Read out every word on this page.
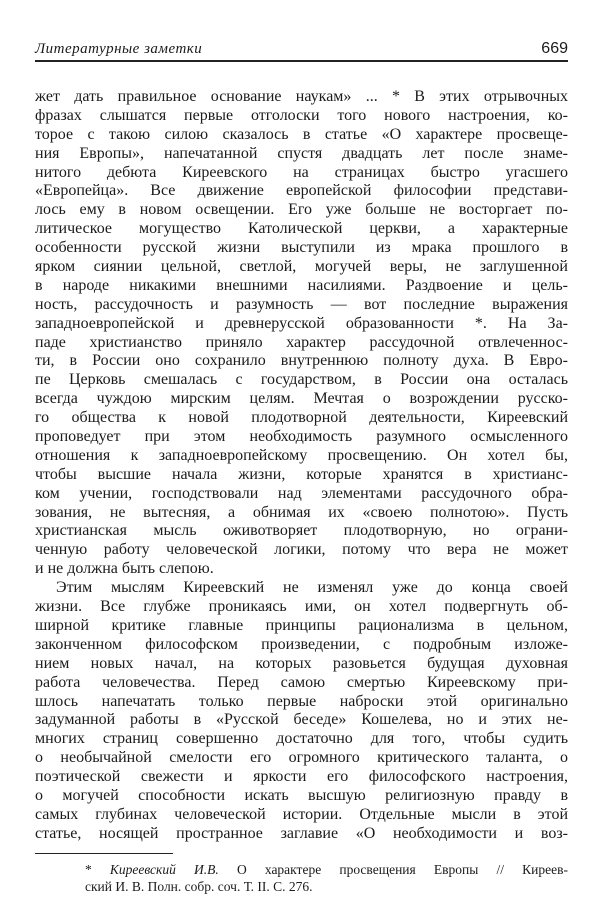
Литературные заметки	669
жет дать правильное основание наукам» ... * В этих отрывочных
фразах слышатся первые отголоски того нового настроения, ко-
торое с такою силою сказалось в статье «О характере просвеще-
ния Европы», напечатанной спустя двадцать лет после знаме-
нитого дебюта Киреевского на страницах быстро угасшего
«Европейца». Все движение европейской философии представи-
лось ему в новом освещении. Его уже больше не восторгает по-
литическое могущество Католической церкви, а характерные
особенности русской жизни выступили из мрака прошлого в
ярком сиянии цельной, светлой, могучей веры, не заглушенной
в народе никакими внешними насилиями. Раздвоение и цель-
ность, рассудочность и разумность — вот последние выражения
западноевропейской и древнерусской образованности *. На За-
паде христианство приняло характер рассудочной отвлеченнос-
ти, в России оно сохранило внутреннюю полноту духа. В Евро-
пе Церковь смешалась с государством, в России она осталась
всегда чуждою мирским целям. Мечтая о возрождении русско-
го общества к новой плодотворной деятельности, Киреевский
проповедует при этом необходимость разумного осмысленного
отношения к западноевропейскому просвещению. Он хотел бы,
чтобы высшие начала жизни, которые хранятся в христианс-
ком учении, господствовали над элементами рассудочного обра-
зования, не вытесняя, а обнимая их «своею полнотою». Пусть
христианская мысль оживотворяет плодотворную, но ограни-
ченную работу человеческой логики, потому что вера не может
и не должна быть слепою.
Этим мыслям Киреевский не изменял уже до конца своей
жизни. Все глубже проникаясь ими, он хотел подвергнуть об-
ширной критике главные принципы рационализма в цельном,
законченном философском произведении, с подробным изложе-
нием новых начал, на которых разовьется будущая духовная
работа человечества. Перед самою смертью Киреевскому при-
шлось напечатать только первые наброски этой оригинально
задуманной работы в «Русской беседе» Кошелева, но и этих не-
многих страниц совершенно достаточно для того, чтобы судить
о необычайной смелости его огромного критического таланта, о
поэтической свежести и яркости его философского настроения,
о могучей способности искать высшую религиозную правду в
самых глубинах человеческой истории. Отдельные мысли в этой
статье, носящей пространное заглавие «О необходимости и воз-
* Киреевский И.В. О характере просвещения Европы // Киреев-
ский И. В. Полн. собр. соч. Т. II. С. 276.
